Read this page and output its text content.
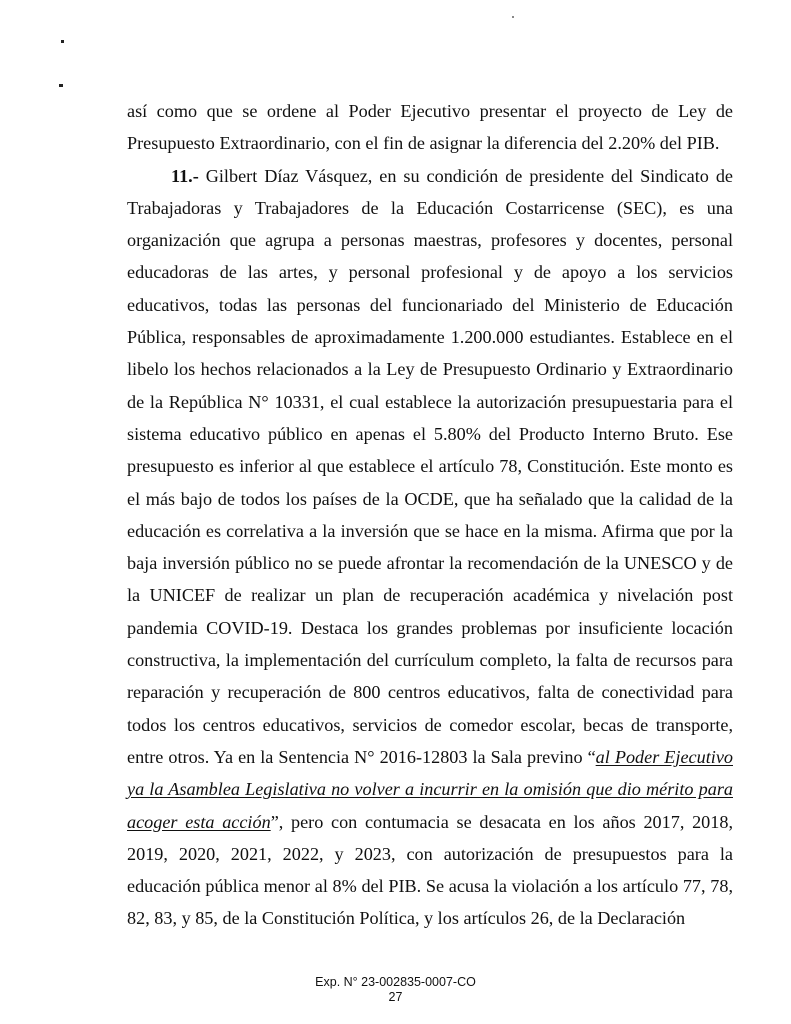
así como que se ordene al Poder Ejecutivo presentar el proyecto de Ley de Presupuesto Extraordinario, con el fin de asignar la diferencia del 2.20% del PIB.

11.- Gilbert Díaz Vásquez, en su condición de presidente del Sindicato de Trabajadoras y Trabajadores de la Educación Costarricense (SEC), es una organización que agrupa a personas maestras, profesores y docentes, personal educadoras de las artes, y personal profesional y de apoyo a los servicios educativos, todas las personas del funcionariado del Ministerio de Educación Pública, responsables de aproximadamente 1.200.000 estudiantes. Establece en el libelo los hechos relacionados a la Ley de Presupuesto Ordinario y Extraordinario de la República N° 10331, el cual establece la autorización presupuestaria para el sistema educativo público en apenas el 5.80% del Producto Interno Bruto. Ese presupuesto es inferior al que establece el artículo 78, Constitución. Este monto es el más bajo de todos los países de la OCDE, que ha señalado que la calidad de la educación es correlativa a la inversión que se hace en la misma. Afirma que por la baja inversión público no se puede afrontar la recomendación de la UNESCO y de la UNICEF de realizar un plan de recuperación académica y nivelación post pandemia COVID-19. Destaca los grandes problemas por insuficiente locación constructiva, la implementación del currículum completo, la falta de recursos para reparación y recuperación de 800 centros educativos, falta de conectividad para todos los centros educativos, servicios de comedor escolar, becas de transporte, entre otros. Ya en la Sentencia N° 2016-12803 la Sala previno “al Poder Ejecutivo ya la Asamblea Legislativa no volver a incurrir en la omisión que dio mérito para acoger esta acción”, pero con contumacia se desacata en los años 2017, 2018, 2019, 2020, 2021, 2022, y 2023, con autorización de presupuestos para la educación pública menor al 8% del PIB. Se acusa la violación a los artículo 77, 78, 82, 83, y 85, de la Constitución Política, y los artículos 26, de la Declaración

Exp. N° 23-002835-0007-CO
27
